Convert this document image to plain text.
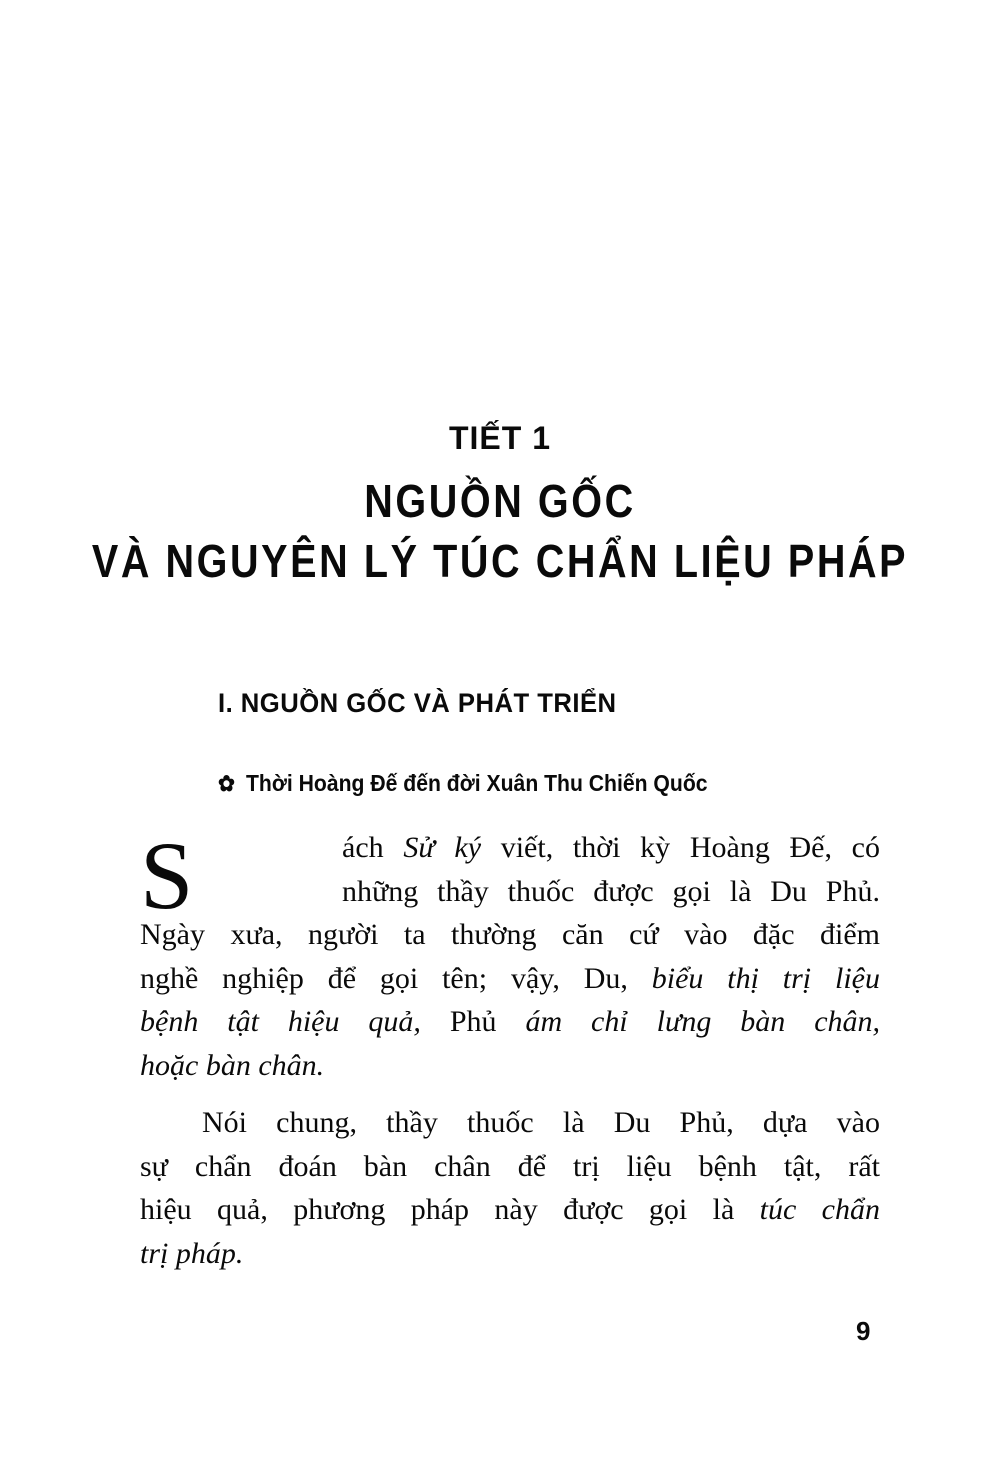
TIẾT 1
NGUỒN GỐC
VÀ NGUYÊN LÝ TÚC CHẨN LIỆU PHÁP
I. NGUỒN GỐC VÀ PHÁT TRIỂN
✿ Thời Hoàng Đế đến đời Xuân Thu Chiến Quốc
S	ách Sử ký viết, thời kỳ Hoàng Đế, có
những thầy thuốc được gọi là Du Phủ.
Ngày xưa, người ta thường căn cứ vào đặc điểm
nghề nghiệp để gọi tên; vậy, Du, biểu thị trị liệu
bệnh tật hiệu quả, Phủ ám chỉ lưng bàn chân,
hoặc bàn chân.
Nói chung, thầy thuốc là Du Phủ, dựa vào
sự chẩn đoán bàn chân để trị liệu bệnh tật, rất
hiệu quả, phương pháp này được gọi là túc chẩn
trị pháp.
9
